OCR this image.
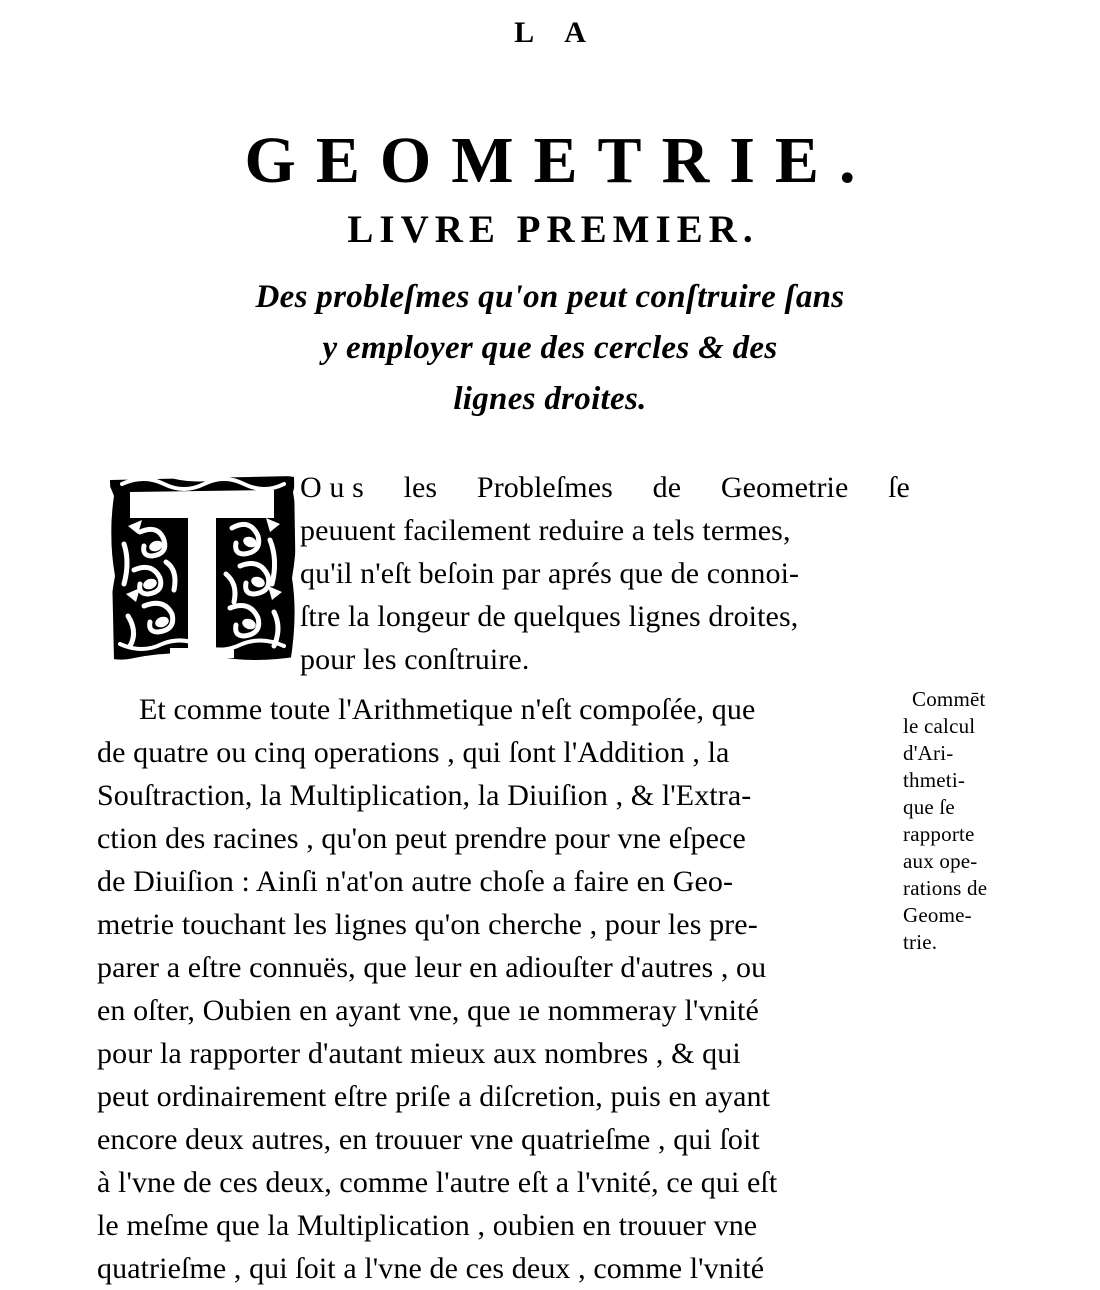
L A
GEOMETRIE.
LIVRE PREMIER.
Des probleſmes qu'on peut conſtruire ſans
y employer que des cercles & des
lignes droites.
O u s les Probleſmes de Geometrie ſe
peuuent facilement reduire a tels termes,
qu'il n'eſt beſoin par aprés que de connoi-
ſtre la longeur de quelques lignes droites,
pour les conſtruire.
Et comme toute l'Arithmetique n'eſt compoſée, que
de quatre ou cinq operations , qui ſont l'Addition , la
Souſtraction, la Multiplication, la Diuiſion , & l'Extra-
ction des racines , qu'on peut prendre pour vne eſpece
de Diuiſion : Ainſi n'at'on autre choſe a faire en Geo-
metrie touchant les lignes qu'on cherche , pour les pre-
parer a eſtre connuës, que leur en adiouſter d'autres , ou
en oſter, Oubien en ayant vne, que ıe nommeray l'vnité
pour la rapporter d'autant mieux aux nombres , & qui
peut ordinairement eſtre priſe a diſcretion, puis en ayant
encore deux autres, en trouuer vne quatrieſme , qui ſoit
à l'vne de ces deux, comme l'autre eſt a l'vnité, ce qui eſt
le meſme que la Multiplication , oubien en trouuer vne
quatrieſme , qui ſoit a l'vne de ces deux , comme l'vnité
Commēt
le calcul
d'Ari-
thmeti-
que ſe
rapporte
aux ope-
rations de
Geome-
trie.
